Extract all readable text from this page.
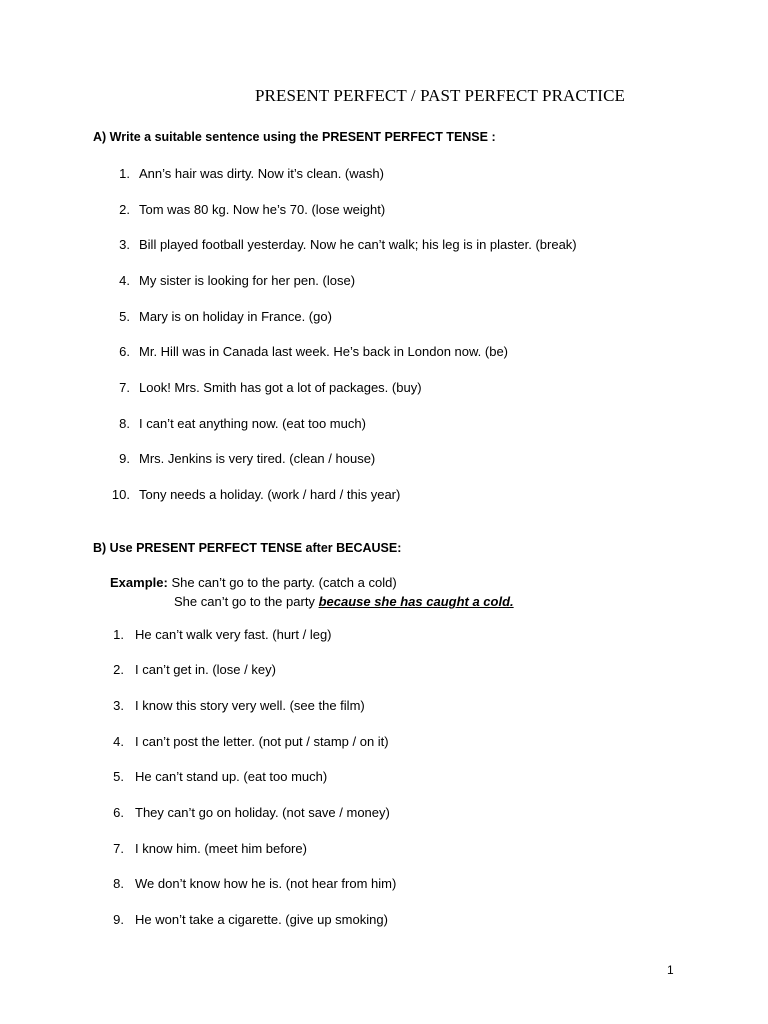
PRESENT PERFECT / PAST PERFECT PRACTICE
A) Write a suitable sentence using the PRESENT PERFECT TENSE :
1. Ann’s hair was dirty. Now it’s clean. (wash)
2. Tom was 80 kg. Now he’s 70. (lose weight)
3. Bill played football yesterday. Now he can’t walk; his leg is in plaster. (break)
4. My sister is looking for her pen. (lose)
5. Mary is on holiday in France. (go)
6. Mr. Hill was in Canada last week. He’s back in London now. (be)
7. Look! Mrs. Smith has got a lot of packages. (buy)
8. I can’t eat anything now. (eat too much)
9. Mrs. Jenkins is very tired. (clean / house)
10. Tony needs a holiday. (work / hard / this year)
B) Use PRESENT PERFECT TENSE after BECAUSE:
Example: She can’t go to the party. (catch a cold)
She can’t go to the party because she has caught a cold.
1. He can’t walk very fast. (hurt / leg)
2. I can’t get in. (lose / key)
3. I know this story very well. (see the film)
4. I can’t post the letter. (not put / stamp / on it)
5. He can’t stand up. (eat too much)
6. They can’t go on holiday. (not save / money)
7. I know him. (meet him before)
8. We don’t know how he is. (not hear from him)
9. He won’t take a cigarette. (give up smoking)
1
